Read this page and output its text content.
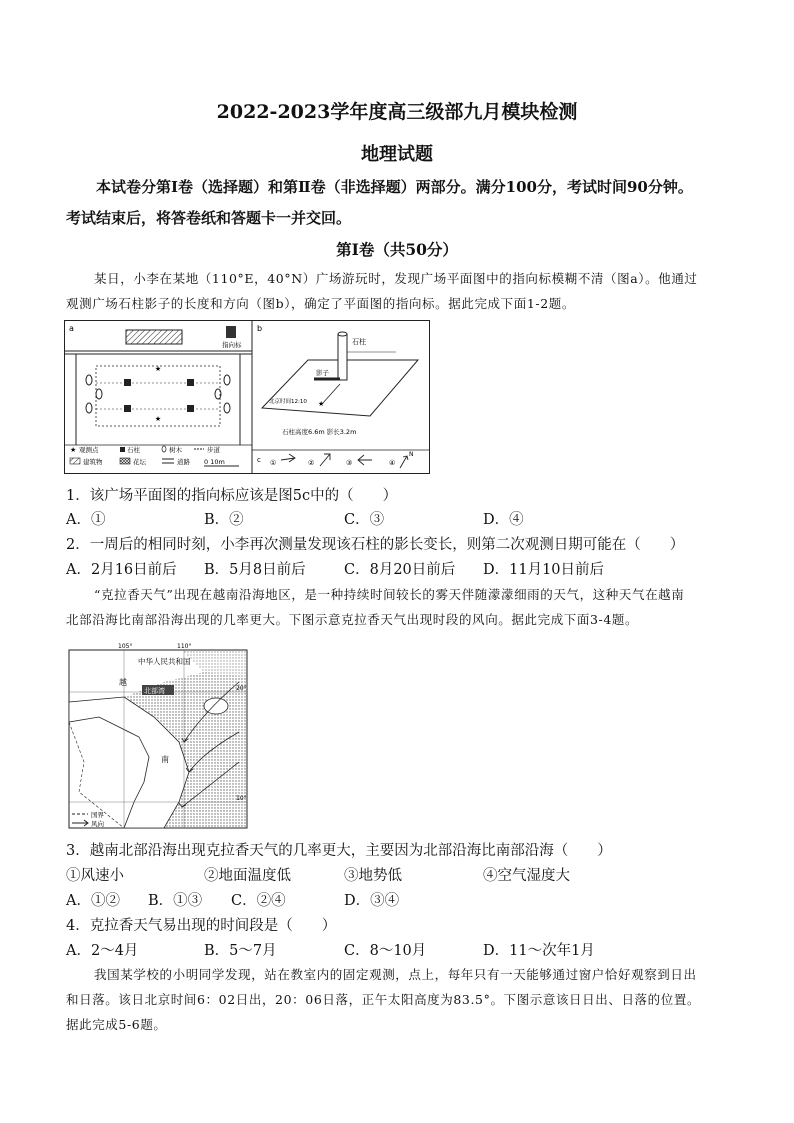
2022-2023学年度高三级部九月模块检测
地理试题
本试卷分第Ⅰ卷（选择题）和第Ⅱ卷（非选择题）两部分。满分100分，考试时间90分钟。
考试结束后，将答卷纸和答题卡一并交回。
第Ⅰ卷（共50分）
某日，小李在某地（110°E，40°N）广场游玩时，发现广场平面图中的指向标模糊不清（图a）。他通过
观测广场石柱影子的长度和方向（图b），确定了平面图的指向标。据此完成下面1-2题。
a
指向标
★
★
★ 观测点	石柱	树木	步道
建筑物	花坛	道路 0 10m
b
石柱
影子
★
北京时间12:10
石柱高度6.6m 影长3.2m
c ①	②	③	④
N
1．该广场平面图的指向标应该是图5c中的（　　）
A．①	B．②	C．③	D．④
2．一周后的相同时刻，小李再次测量发现该石柱的影长变长，则第二次观测日期可能在（　　）
A．2月16日前后 B．5月8日前后	C．8月20日前后 D．11月10日前后
“克拉香天气”出现在越南沿海地区，是一种持续时间较长的雾天伴随濛濛细雨的天气，这种天气在越南
北部沿海比南部沿海出现的几率更大。下图示意克拉香天气出现时段的风向。据此完成下面3-4题。
105°	110°
20°
10°
中华人民共和国
越
南
北部湾
国界
风向
3．越南北部沿海出现克拉香天气的几率更大，主要因为北部沿海比南部沿海（　　）
①风速小	②地面温度低	③地势低	④空气湿度大
A．①② B．①③ C．②④	D．③④
4．克拉香天气易出现的时间段是（　　）
A．2～4月	B．5～7月	C．8～10月	D．11～次年1月
我国某学校的小明同学发现，站在教室内的固定观测，点上，每年只有一天能够通过窗户恰好观察到日出
和日落。该日北京时间6：02日出，20：06日落，正午太阳高度为83.5°。下图示意该日日出、日落的位置。
据此完成5-6题。
